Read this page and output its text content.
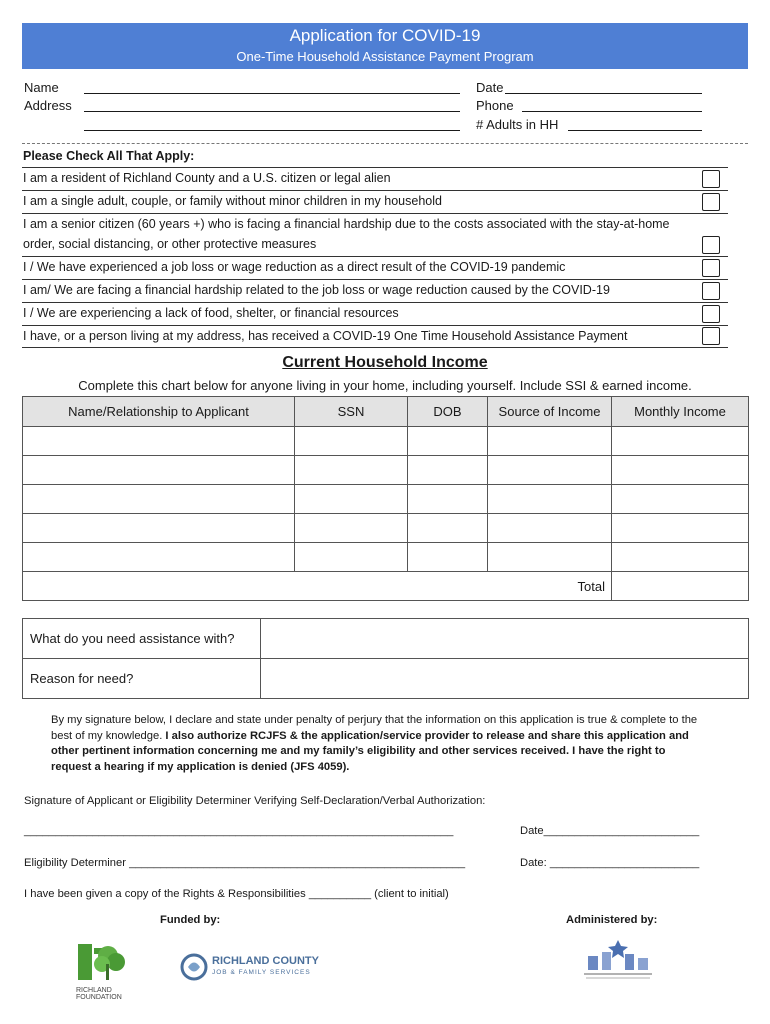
Application for COVID-19
One-Time Household Assistance Payment Program
Name
Address
Date
Phone
# Adults in HH
Please Check All That Apply:
I am a resident of Richland County and a U.S. citizen or legal alien
I am a single adult, couple, or family without minor children in my household
I am a senior citizen (60 years +) who is facing a financial hardship due to the costs associated with the stay-at-home order, social distancing, or other protective measures
I / We have experienced a job loss or wage reduction as a direct result of the COVID-19 pandemic
I am/ We are facing a financial hardship related to the job loss or wage reduction caused by the COVID-19
I / We are experiencing a lack of food, shelter, or financial resources
I have, or a person living at my address, has received a COVID-19 One Time Household Assistance Payment
Current Household Income
Complete this chart below for anyone living in your home, including yourself. Include SSI & earned income.
Name/Relationship to Applicant	SSN	DOB	Source of Income	Monthly Income

Total				
What do you need assistance with?	
Reason for need?	
By my signature below, I declare and state under penalty of perjury that the information on this application is true & complete to the best of my knowledge. I also authorize RCJFS & the application/service provider to release and share this application and other pertinent information concerning me and my family’s eligibility and other services received. I have the right to request a hearing if my application is denied (JFS 4059).
Signature of Applicant or Eligibility Determiner Verifying Self-Declaration/Verbal Authorization:
_____________________________________________________________________	Date_________________________
Eligibility Determiner ______________________________________________________	Date: ________________________
I have been given a copy of the Rights & Responsibilities __________ (client to initial)
Funded by:	Administered by:
RICHLAND
FOUNDATION
RICHLAND COUNTY
JOB & FAMILY SERVICES
